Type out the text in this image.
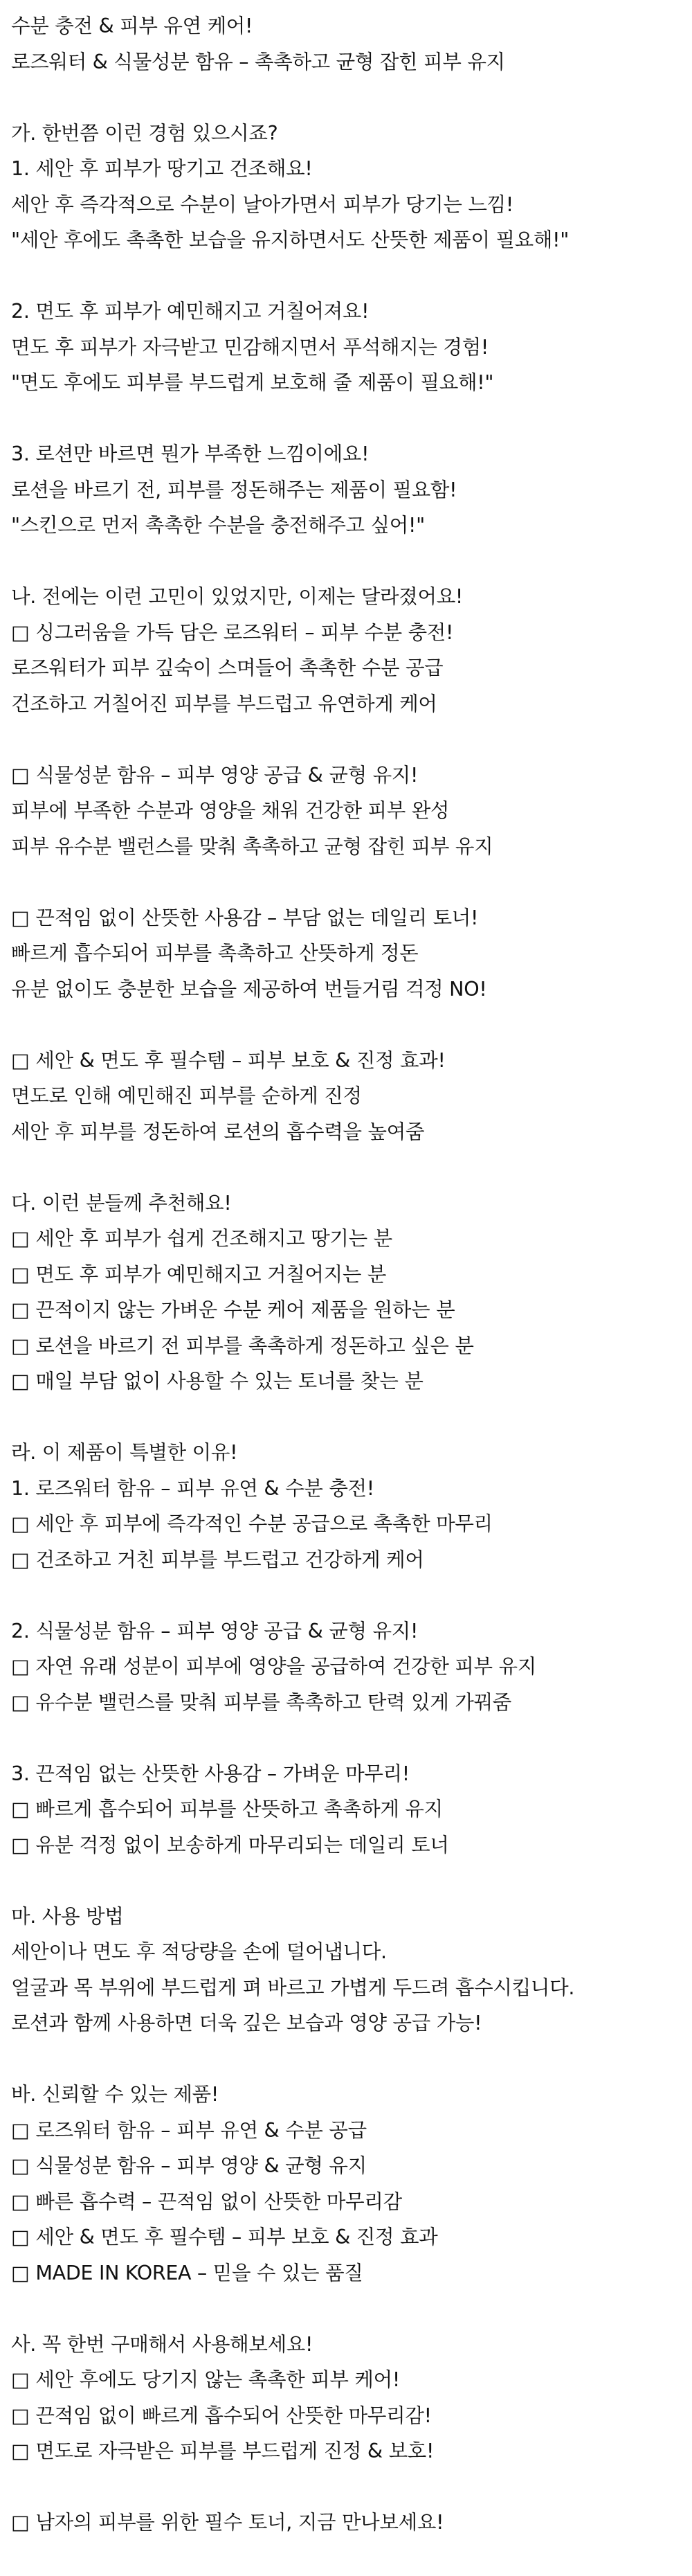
수분 충전 & 피부 유연 케어!
로즈워터 & 식물성분 함유 – 촉촉하고 균형 잡힌 피부 유지
가. 한번쯤 이런 경험 있으시죠?
1. 세안 후 피부가 땅기고 건조해요!
세안 후 즉각적으로 수분이 날아가면서 피부가 당기는 느낌!
"세안 후에도 촉촉한 보습을 유지하면서도 산뜻한 제품이 필요해!"
2. 면도 후 피부가 예민해지고 거칠어져요!
면도 후 피부가 자극받고 민감해지면서 푸석해지는 경험!
"면도 후에도 피부를 부드럽게 보호해 줄 제품이 필요해!"
3. 로션만 바르면 뭔가 부족한 느낌이에요!
로션을 바르기 전, 피부를 정돈해주는 제품이 필요함!
"스킨으로 먼저 촉촉한 수분을 충전해주고 싶어!"
나. 전에는 이런 고민이 있었지만, 이제는 달라졌어요!
□ 싱그러움을 가득 담은 로즈워터 – 피부 수분 충전!
로즈워터가 피부 깊숙이 스며들어 촉촉한 수분 공급
건조하고 거칠어진 피부를 부드럽고 유연하게 케어
□ 식물성분 함유 – 피부 영양 공급 & 균형 유지!
피부에 부족한 수분과 영양을 채워 건강한 피부 완성
피부 유수분 밸런스를 맞춰 촉촉하고 균형 잡힌 피부 유지
□ 끈적임 없이 산뜻한 사용감 – 부담 없는 데일리 토너!
빠르게 흡수되어 피부를 촉촉하고 산뜻하게 정돈
유분 없이도 충분한 보습을 제공하여 번들거림 걱정 NO!
□ 세안 & 면도 후 필수템 – 피부 보호 & 진정 효과!
면도로 인해 예민해진 피부를 순하게 진정
세안 후 피부를 정돈하여 로션의 흡수력을 높여줌
다. 이런 분들께 추천해요!
□ 세안 후 피부가 쉽게 건조해지고 땅기는 분
□ 면도 후 피부가 예민해지고 거칠어지는 분
□ 끈적이지 않는 가벼운 수분 케어 제품을 원하는 분
□ 로션을 바르기 전 피부를 촉촉하게 정돈하고 싶은 분
□ 매일 부담 없이 사용할 수 있는 토너를 찾는 분
라. 이 제품이 특별한 이유!
1. 로즈워터 함유 – 피부 유연 & 수분 충전!
□ 세안 후 피부에 즉각적인 수분 공급으로 촉촉한 마무리
□ 건조하고 거친 피부를 부드럽고 건강하게 케어
2. 식물성분 함유 – 피부 영양 공급 & 균형 유지!
□ 자연 유래 성분이 피부에 영양을 공급하여 건강한 피부 유지
□ 유수분 밸런스를 맞춰 피부를 촉촉하고 탄력 있게 가꿔줌
3. 끈적임 없는 산뜻한 사용감 – 가벼운 마무리!
□ 빠르게 흡수되어 피부를 산뜻하고 촉촉하게 유지
□ 유분 걱정 없이 보송하게 마무리되는 데일리 토너
마. 사용 방법
세안이나 면도 후 적당량을 손에 덜어냅니다.
얼굴과 목 부위에 부드럽게 펴 바르고 가볍게 두드려 흡수시킵니다.
로션과 함께 사용하면 더욱 깊은 보습과 영양 공급 가능!
바. 신뢰할 수 있는 제품!
□ 로즈워터 함유 – 피부 유연 & 수분 공급
□ 식물성분 함유 – 피부 영양 & 균형 유지
□ 빠른 흡수력 – 끈적임 없이 산뜻한 마무리감
□ 세안 & 면도 후 필수템 – 피부 보호 & 진정 효과
□ MADE IN KOREA – 믿을 수 있는 품질
사. 꼭 한번 구매해서 사용해보세요!
□ 세안 후에도 당기지 않는 촉촉한 피부 케어!
□ 끈적임 없이 빠르게 흡수되어 산뜻한 마무리감!
□ 면도로 자극받은 피부를 부드럽게 진정 & 보호!
□ 남자의 피부를 위한 필수 토너, 지금 만나보세요!
